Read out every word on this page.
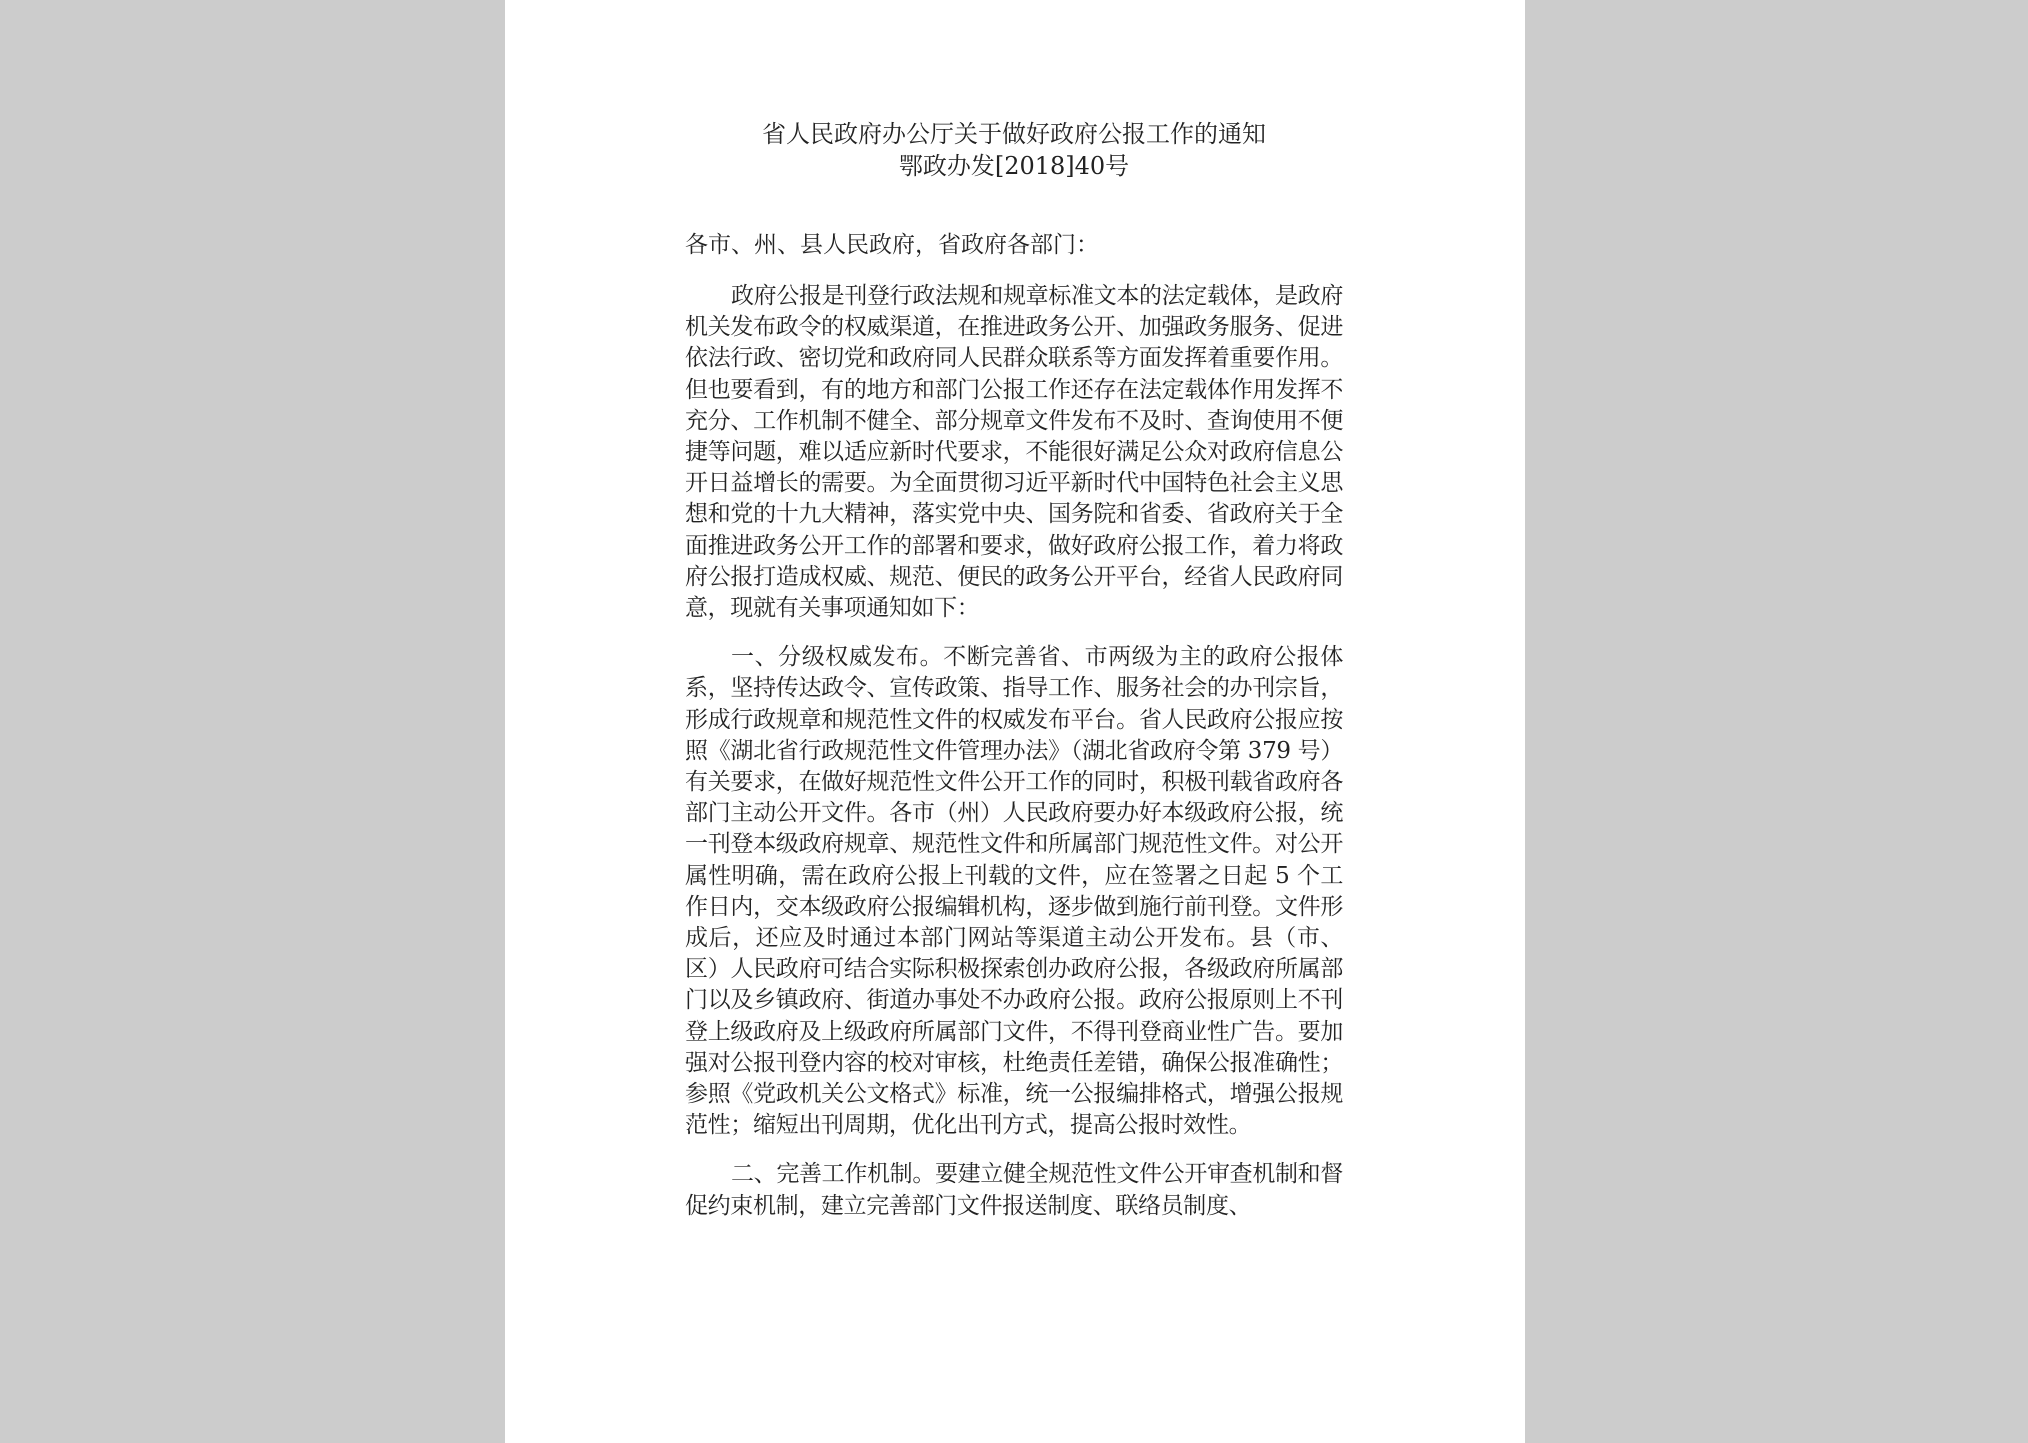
省人民政府办公厅关于做好政府公报工作的通知
鄂政办发[2018]40号

各市、州、县人民政府，省政府各部门：

政府公报是刊登行政法规和规章标准文本的法定载体，是政府机关发布政令的权威渠道，在推进政务公开、加强政务服务、促进依法行政、密切党和政府同人民群众联系等方面发挥着重要作用。但也要看到，有的地方和部门公报工作还存在法定载体作用发挥不充分、工作机制不健全、部分规章文件发布不及时、查询使用不便捷等问题，难以适应新时代要求，不能很好满足公众对政府信息公开日益增长的需要。为全面贯彻习近平新时代中国特色社会主义思想和党的十九大精神，落实党中央、国务院和省委、省政府关于全面推进政务公开工作的部署和要求，做好政府公报工作，着力将政府公报打造成权威、规范、便民的政务公开平台，经省人民政府同意，现就有关事项通知如下：

一、分级权威发布。不断完善省、市两级为主的政府公报体系，坚持传达政令、宣传政策、指导工作、服务社会的办刊宗旨，形成行政规章和规范性文件的权威发布平台。省人民政府公报应按照《湖北省行政规范性文件管理办法》（湖北省政府令第 379 号）有关要求，在做好规范性文件公开工作的同时，积极刊载省政府各部门主动公开文件。各市（州）人民政府要办好本级政府公报，统一刊登本级政府规章、规范性文件和所属部门规范性文件。对公开属性明确，需在政府公报上刊载的文件，应在签署之日起 5 个工作日内，交本级政府公报编辑机构，逐步做到施行前刊登。文件形成后，还应及时通过本部门网站等渠道主动公开发布。县（市、区）人民政府可结合实际积极探索创办政府公报，各级政府所属部门以及乡镇政府、街道办事处不办政府公报。政府公报原则上不刊登上级政府及上级政府所属部门文件，不得刊登商业性广告。要加强对公报刊登内容的校对审核，杜绝责任差错，确保公报准确性；参照《党政机关公文格式》标准，统一公报编排格式，增强公报规范性；缩短出刊周期，优化出刊方式，提高公报时效性。

二、完善工作机制。要建立健全规范性文件公开审查机制和督促约束机制，建立完善部门文件报送制度、联络员制度、
